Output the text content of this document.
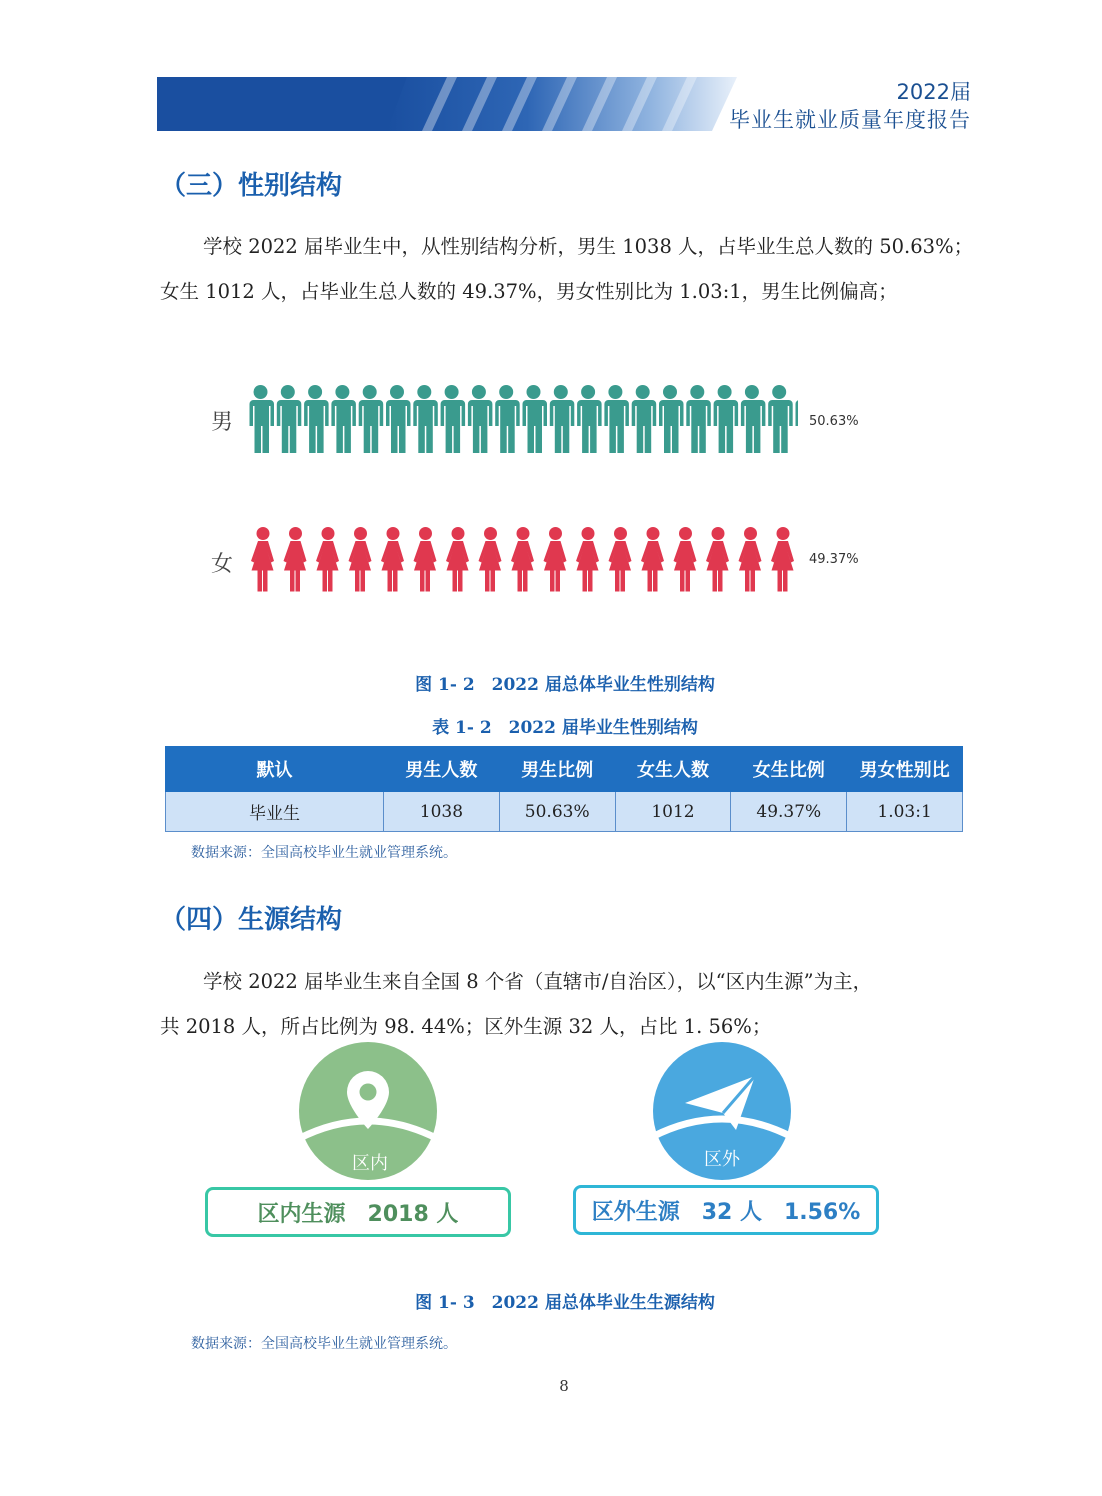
2022届
毕业生就业质量年度报告
（三）性别结构

学校 2022 届毕业生中，从性别结构分析，男生 1038 人，占毕业生总人数的 50.63%；

女生 1012 人，占毕业生总人数的 49.37%，男女性别比为 1.03:1，男生比例偏高；

男
女
50.63%
49.37%
图 1- 2　2022 届总体毕业生性别结构
表 1- 2　2022 届毕业生性别结构
默认	男生人数	男生比例	女生人数	女生比例	男女性别比
毕业生	1038	50.63%	1012	49.37%	1.03:1
数据来源：全国高校毕业生就业管理系统。
（四）生源结构

学校 2022 届毕业生来自全国 8 个省（直辖市/自治区），以“区内生源”为主，

共 2018 人，所占比例为 98. 44%；区外生源 32 人，占比 1. 56%；

区内	区外
区内生源　2018 人	区外生源　32 人　1.56%
图 1- 3　2022 届总体毕业生生源结构
数据来源：全国高校毕业生就业管理系统。
8
